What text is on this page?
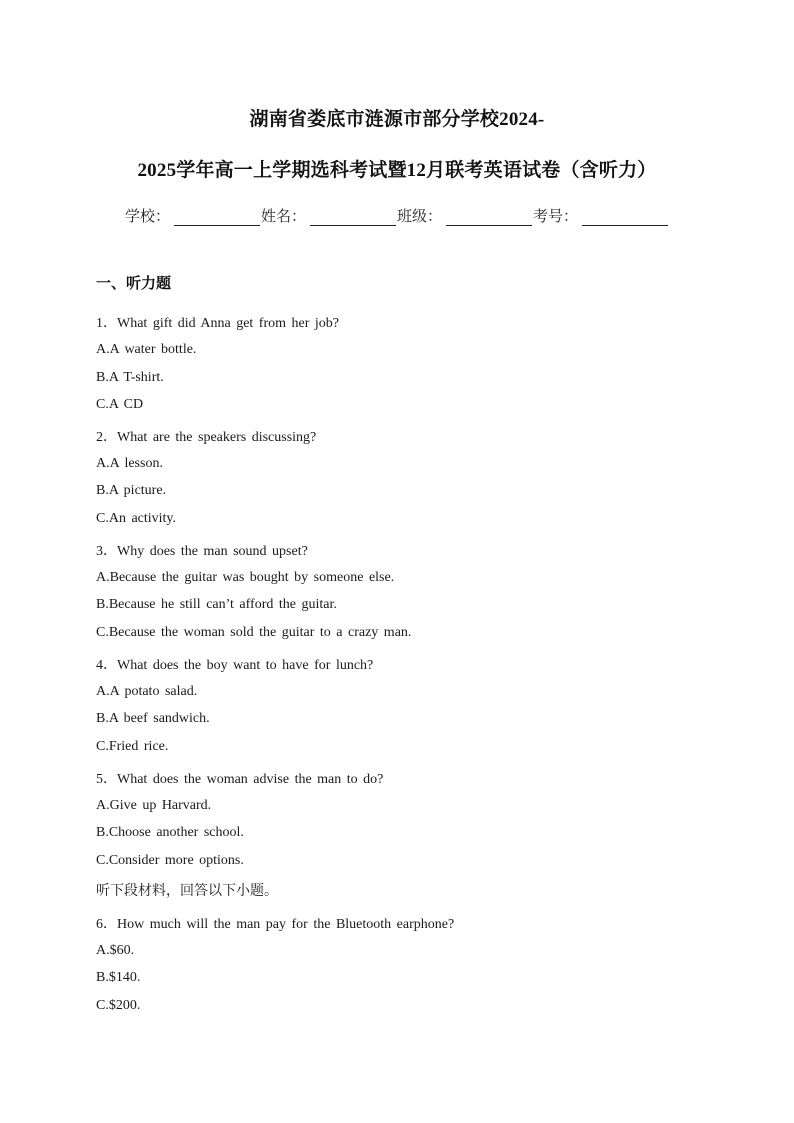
湖南省娄底市涟源市部分学校2024-
2025学年高一上学期选科考试暨12月联考英语试卷（含听力）
学校：	姓名：	班级：	考号：
一、听力题
1．What gift did Anna get from her job?
A.A water bottle.
B.A T-shirt.
C.A CD
2．What are the speakers discussing?
A.A lesson.
B.A picture.
C.An activity.
3．Why does the man sound upset?
A.Because the guitar was bought by someone else.
B.Because he still can’t afford the guitar.
C.Because the woman sold the guitar to a crazy man.
4．What does the boy want to have for lunch?
A.A potato salad.
B.A beef sandwich.
C.Fried rice.
5．What does the woman advise the man to do?
A.Give up Harvard.
B.Choose another school.
C.Consider more options.
听下段材料，回答以下小题。
6．How much will the man pay for the Bluetooth earphone?
A.$60.
B.$140.
C.$200.
